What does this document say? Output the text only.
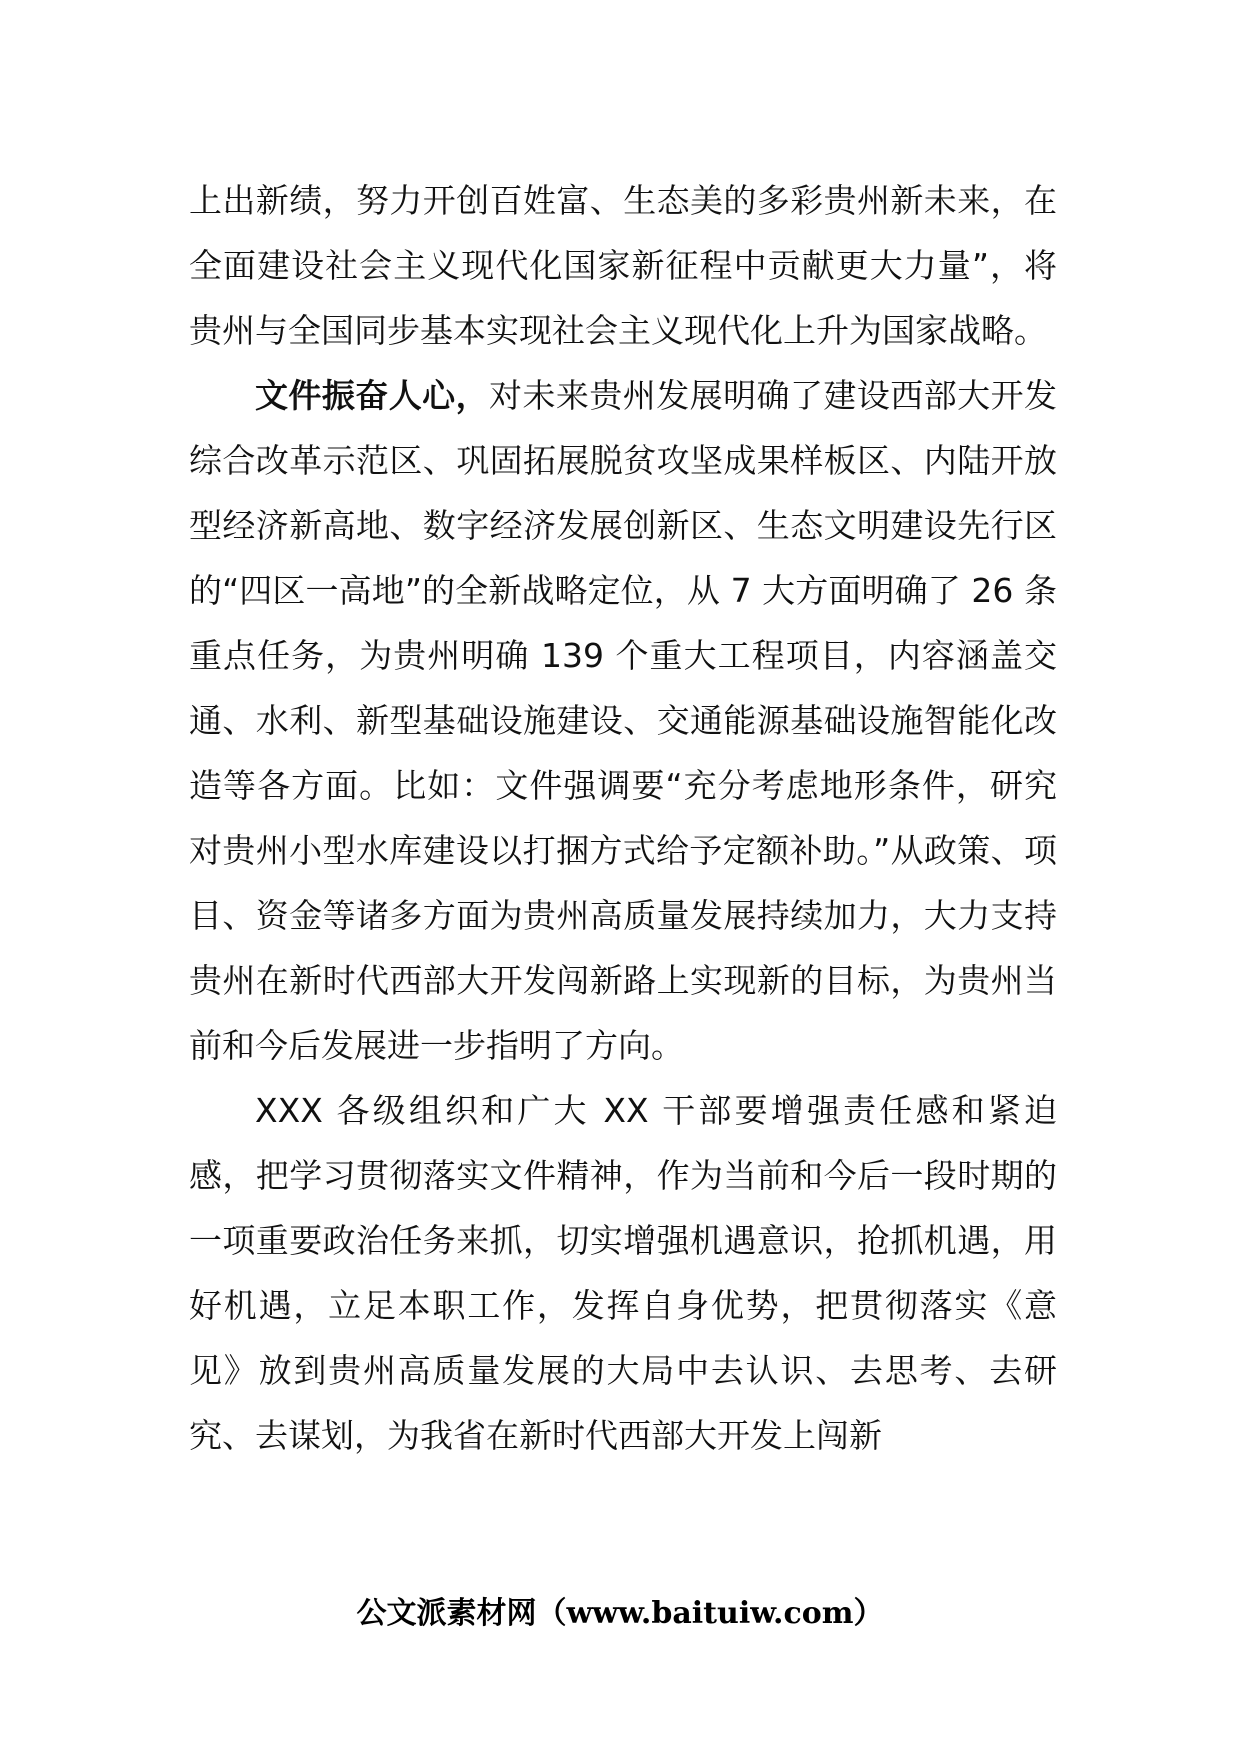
上出新绩，努力开创百姓富、生态美的多彩贵州新未来，在全面建设社会主义现代化国家新征程中贡献更大力量”，将贵州与全国同步基本实现社会主义现代化上升为国家战略。

文件振奋人心，对未来贵州发展明确了建设西部大开发综合改革示范区、巩固拓展脱贫攻坚成果样板区、内陆开放型经济新高地、数字经济发展创新区、生态文明建设先行区的“四区一高地”的全新战略定位，从 7 大方面明确了 26 条重点任务，为贵州明确 139 个重大工程项目，内容涵盖交通、水利、新型基础设施建设、交通能源基础设施智能化改造等各方面。比如：文件强调要“充分考虑地形条件，研究对贵州小型水库建设以打捆方式给予定额补助。”从政策、项目、资金等诸多方面为贵州高质量发展持续加力，大力支持贵州在新时代西部大开发闯新路上实现新的目标，为贵州当前和今后发展进一步指明了方向。

XXX 各级组织和广大 XX 干部要增强责任感和紧迫感，把学习贯彻落实文件精神，作为当前和今后一段时期的一项重要政治任务来抓，切实增强机遇意识，抢抓机遇，用好机遇，立足本职工作，发挥自身优势，把贯彻落实《意见》放到贵州高质量发展的大局中去认识、去思考、去研究、去谋划，为我省在新时代西部大开发上闯新

公文派素材网（www.baituiw.com）
